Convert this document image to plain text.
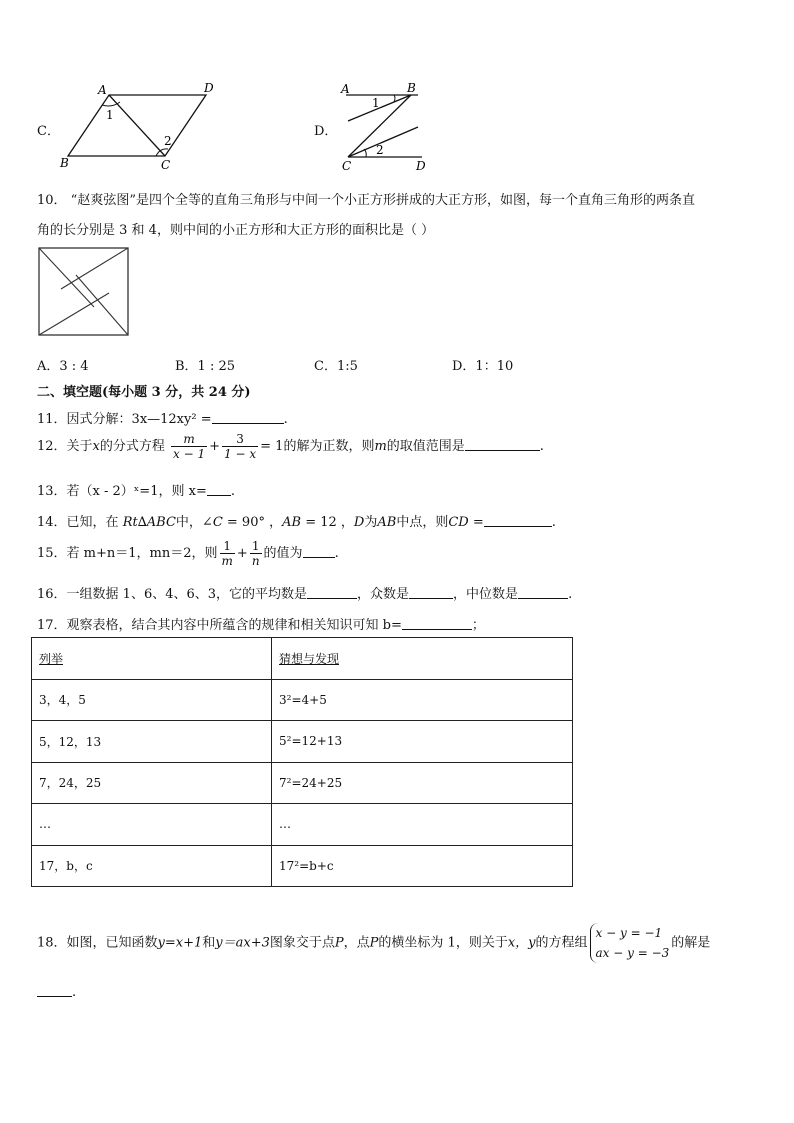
C．
A	D
B	C
1
2
D．
A	B
C	D
1
2
10． “赵爽弦图”是四个全等的直角三角形与中间一个小正方形拼成的大正方形，如图，每一个直角三角形的两条直
角的长分别是 3 和 4，则中间的小正方形和大正方形的面积比是（ ）
A．3 : 4	B．1 : 25	C．1:5	D．1：10
二、填空题(每小题 3 分，共 24 分)
11．因式分解：3x—12xy² =	.
12．关于x的分式方程 $\frac{m}{x - 1} + \frac{3}{1 - x} = 1$的解为正数，则m的取值范围是	.
13．若（x - 2）ˣ=1，则 x= .
14．已知，在 Rt∆ABC中，∠C = 90° ，AB = 12 ，D为AB中点，则CD =	.
15．若 m+n＝1，mn＝2，则 $\frac{1}{m} + \frac{1}{n}$ 的值为 .
16．一组数据 1、6、4、6、3，它的平均数是	，众数是	，中位数是	.
17．观察表格，结合其内容中所蕴含的规律和相关知识可知 b=	；
列举	猜想与发现
3，4，5	3²=4+5
5，12，13	5²=12+13
7，24，25	7²=24+25
…	…
17，b，c	17²=b+c
18．如图，已知函数y=x+1和y＝ax+3图象交于点P，点P的横坐标为 1，则关于x，y的方程组
x − y = −1
ax − y = −3
的解是
.
